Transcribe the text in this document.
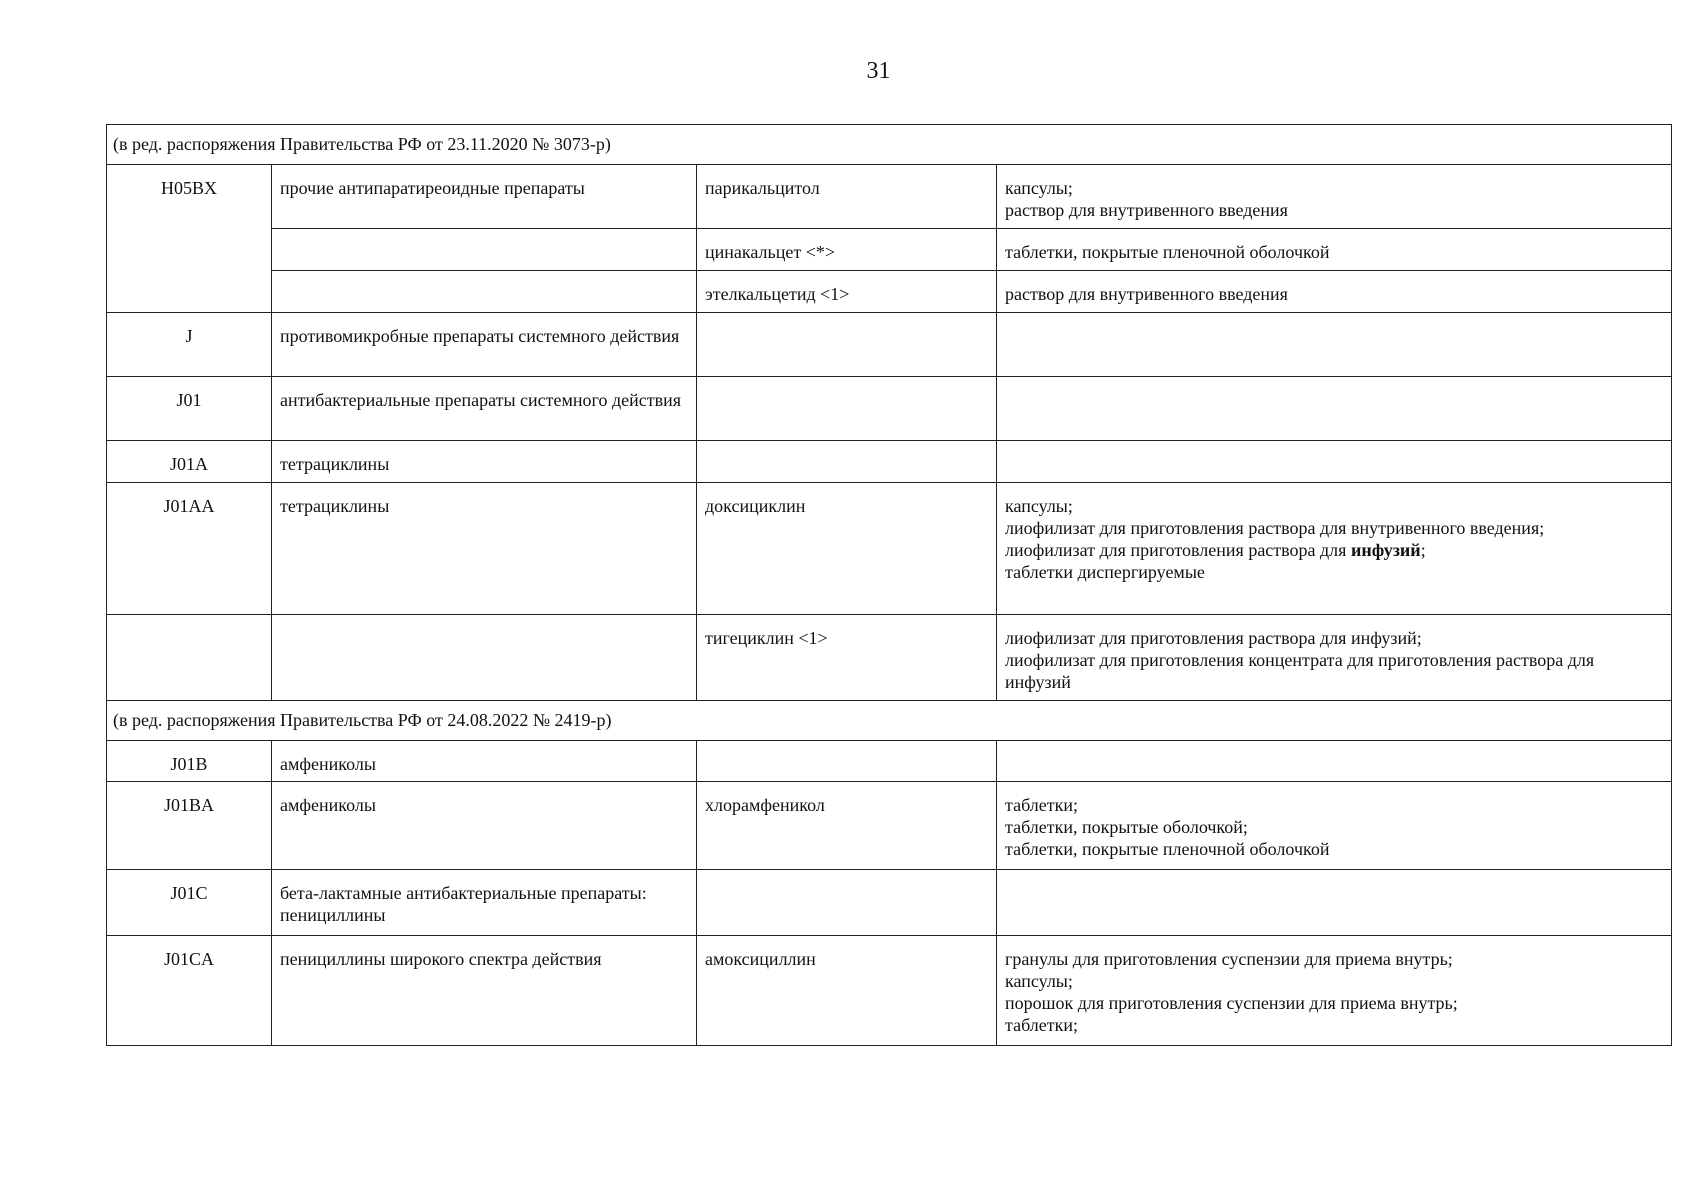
31
(в ред. распоряжения Правительства РФ от 23.11.2020 № 3073-р)			
H05BX	прочие антипаратиреоидные препараты	парикальцитол	капсулы;
раствор для внутривенного введения

		цинакальцет <*>	таблетки, покрытые пленочной оболочкой
		этелкальцетид <1>	раствор для внутривенного введения
J	противомикробные препараты системного действия		
J01	антибактериальные препараты системного действия		
J01A	тетрациклины		
J01AA	тетрациклины	доксициклин	капсулы;
лиофилизат для приготовления раствора для внутривенного введения;
лиофилизат для приготовления раствора для инфузий;
таблетки диспергируемые

		тигециклин <1>	лиофилизат для приготовления раствора для инфузий;
лиофилизат для приготовления концентрата для приготовления раствора для инфузий

(в ред. распоряжения Правительства РФ от 24.08.2022 № 2419-р)			
J01B	амфениколы		
J01BA	амфениколы	хлорамфеникол	таблетки;
таблетки, покрытые оболочкой;
таблетки, покрытые пленочной оболочкой

J01C	бета-лактамные антибактериальные препараты: пенициллины		
J01CA	пенициллины широкого спектра действия	амоксициллин	гранулы для приготовления суспензии для приема внутрь;
капсулы;
порошок для приготовления суспензии для приема внутрь;
таблетки;
